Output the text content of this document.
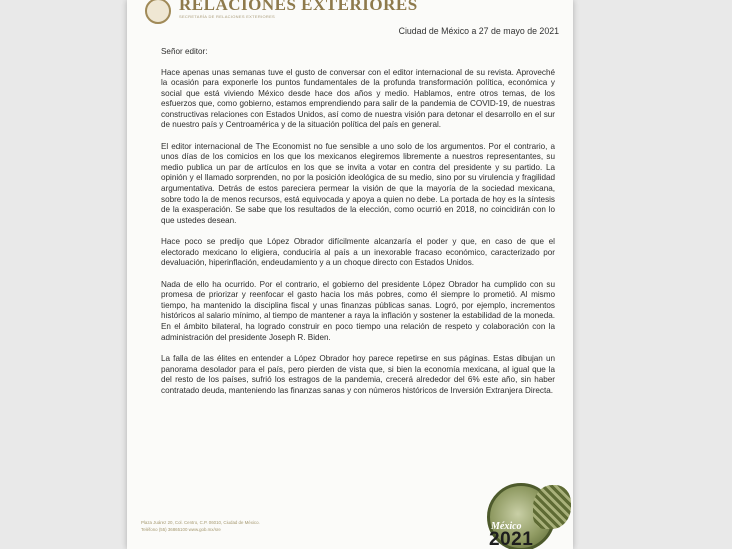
RELACIONES EXTERIORES
SECRETARÍA DE RELACIONES EXTERIORES
Ciudad de México a 27 de mayo de 2021

Señor editor:

Hace apenas unas semanas tuve el gusto de conversar con el editor internacional de su revista. Aproveché la ocasión para exponerle los puntos fundamentales de la profunda transformación política, económica y social que está viviendo México desde hace dos años y medio. Hablamos, entre otros temas, de los esfuerzos que, como gobierno, estamos emprendiendo para salir de la pandemia de COVID-19, de nuestras constructivas relaciones con Estados Unidos, así como de nuestra visión para detonar el desarrollo en el sur de nuestro país y Centroamérica y de la situación política del país en general.

El editor internacional de The Economist no fue sensible a uno solo de los argumentos. Por el contrario, a unos días de los comicios en los que los mexicanos elegiremos libremente a nuestros representantes, su medio publica un par de artículos en los que se invita a votar en contra del presidente y su partido. La opinión y el llamado sorprenden, no por la posición ideológica de su medio, sino por su virulencia y fragilidad argumentativa. Detrás de estos pareciera permear la visión de que la mayoría de la sociedad mexicana, sobre todo la de menos recursos, está equivocada y apoya a quien no debe. La portada de hoy es la síntesis de la exasperación. Se sabe que los resultados de la elección, como ocurrió en 2018, no coincidirán con lo que ustedes desean.

Hace poco se predijo que López Obrador difícilmente alcanzaría el poder y que, en caso de que el electorado mexicano lo eligiera, conduciría al país a un inexorable fracaso económico, caracterizado por devaluación, hiperinflación, endeudamiento y a un choque directo con Estados Unidos.

Nada de ello ha ocurrido. Por el contrario, el gobierno del presidente López Obrador ha cumplido con su promesa de priorizar y reenfocar el gasto hacia los más pobres, como él siempre lo prometió. Al mismo tiempo, ha mantenido la disciplina fiscal y unas finanzas públicas sanas. Logró, por ejemplo, incrementos históricos al salario mínimo, al tiempo de mantener a raya la inflación y sostener la estabilidad de la moneda. En el ámbito bilateral, ha logrado construir en poco tiempo una relación de respeto y colaboración con la administración del presidente Joseph R. Biden.

La falla de las élites en entender a López Obrador hoy parece repetirse en sus páginas. Estas dibujan un panorama desolador para el país, pero pierden de vista que, si bien la economía mexicana, al igual que la del resto de los países, sufrió los estragos de la pandemia, crecerá alrededor del 6% este año, sin haber contratado deuda, manteniendo las finanzas sanas y con números históricos de Inversión Extranjera Directa.

Plaza Juárez 20, Col. Centro, C.P. 06010, Ciudad de México.
Teléfono (55) 36865100 www.gob.mx/sre	México
2021
